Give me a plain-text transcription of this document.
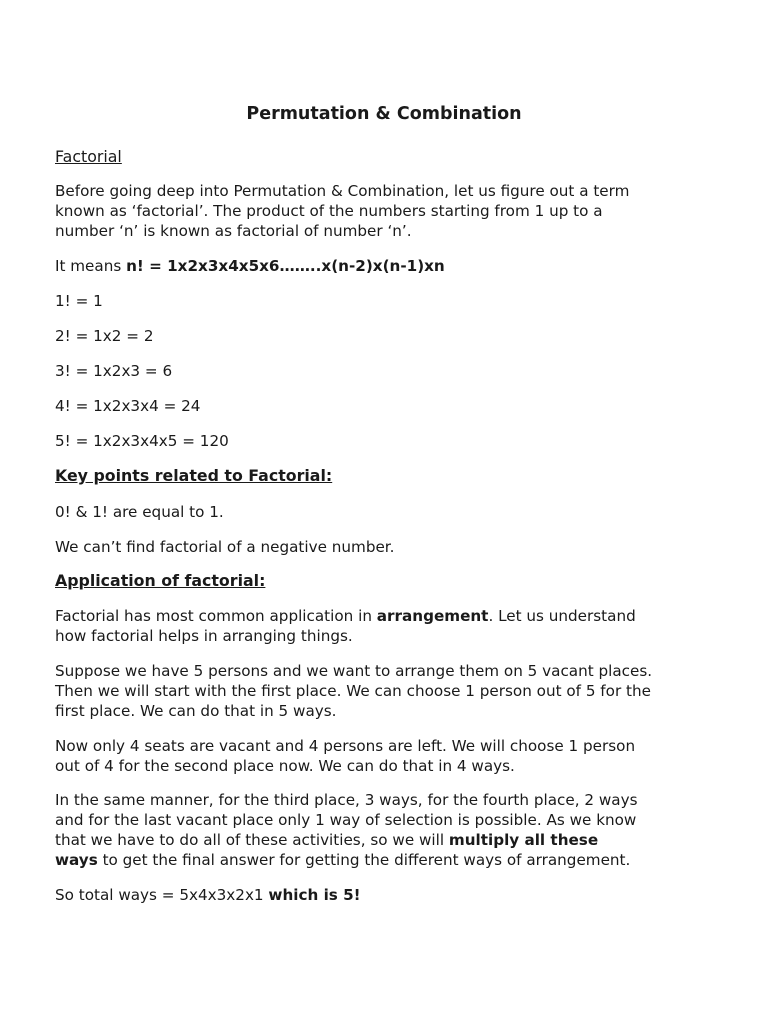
Permutation & Combination
Factorial
Before going deep into Permutation & Combination, let us figure out a term
known as ‘factorial’. The product of the numbers starting from 1 up to a
number ‘n’ is known as factorial of number ‘n’.
It means n! = 1x2x3x4x5x6……..x(n-2)x(n-1)xn
1! = 1
2! = 1x2 = 2
3! = 1x2x3 = 6
4! = 1x2x3x4 = 24
5! = 1x2x3x4x5 = 120
Key points related to Factorial:
0! & 1! are equal to 1.
We can’t find factorial of a negative number.
Application of factorial:
Factorial has most common application in arrangement. Let us understand
how factorial helps in arranging things.
Suppose we have 5 persons and we want to arrange them on 5 vacant places.
Then we will start with the first place. We can choose 1 person out of 5 for the
first place. We can do that in 5 ways.
Now only 4 seats are vacant and 4 persons are left. We will choose 1 person
out of 4 for the second place now. We can do that in 4 ways.
In the same manner, for the third place, 3 ways, for the fourth place, 2 ways
and for the last vacant place only 1 way of selection is possible. As we know
that we have to do all of these activities, so we will multiply all these
ways to get the final answer for getting the different ways of arrangement.
So total ways = 5x4x3x2x1 which is 5!
